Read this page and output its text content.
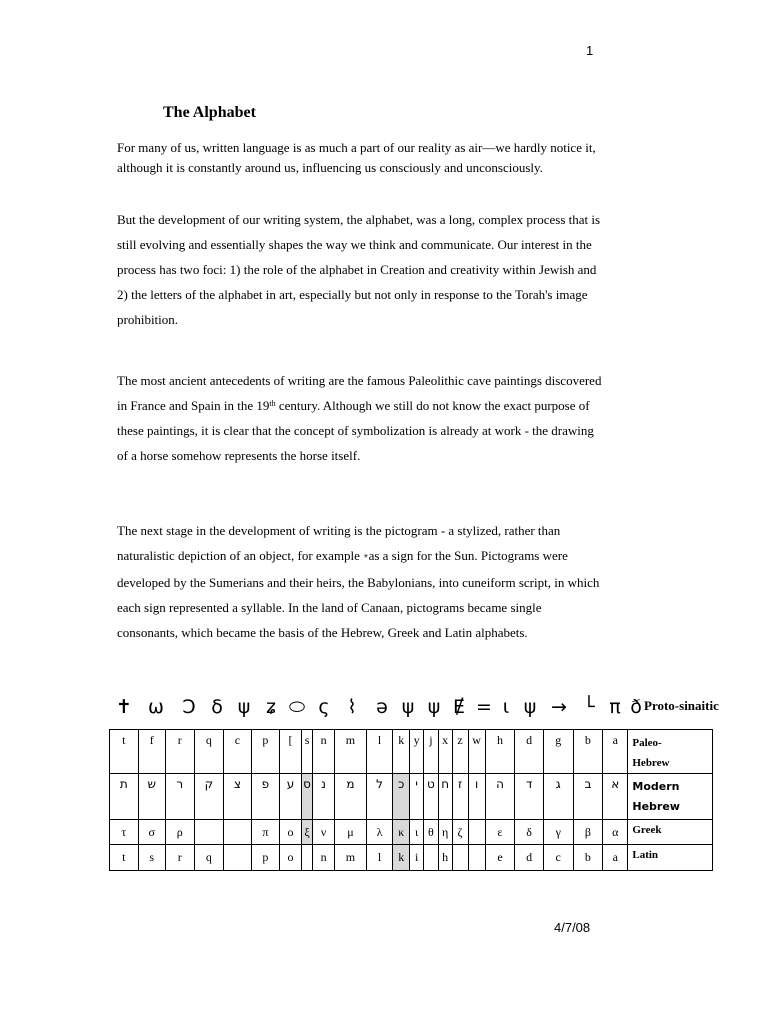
1
The Alphabet

For many of us, written language is as much a part of our reality as air—we hardly notice it, although it is constantly around us, influencing us consciously and unconsciously.

But the development of our writing system, the alphabet, was a long, complex process that is still evolving and essentially shapes the way we think and communicate. Our interest in the process has two foci: 1) the role of the alphabet in Creation and creativity within Jewish and 2) the letters of the alphabet in art, especially but not only in response to the Torah's image prohibition.

The most ancient antecedents of writing are the famous Paleolithic cave paintings discovered in France and Spain in the 19th century. Although we still do not know the exact purpose of these paintings, it is clear that the concept of symbolization is already at work - the drawing of a horse somehow represents the horse itself.

The next stage in the development of writing is the pictogram - a stylized, rather than naturalistic depiction of an object, for example ☀as a sign for the Sun. Pictograms were developed by the Sumerians and their heirs, the Babylonians, into cuneiform script, in which each sign represented a syllable. In the land of Canaan, pictograms became single consonants, which became the basis of the Hebrew, Greek and Latin alphabets.

✝ ω Ɔ δ ψ ʑ ⬭ ς ⌇	ə ψ ψ Ɇ = ι ψ → └ π ð Proto-sinaitic
t	f	r	q	c	p	[	s	n	m	l	k	y	j	x	z	w	h	d	g	b	a	Paleo-
Hebrew
ת	ש	ר	ק	צ	פ	ע	ס	נ	מ	ל	כ	י	ט	ח	ז	ו	ה	ד	ג	ב	א	Modern
Hebrew
τ	σ	ρ			π	ο	ξ	ν	μ	λ	κ	ι	θ	η	ζ		ε	δ	γ	β	α	Greek
t	s	r	q		p	o		n	m	l	k	i		h			e	d	c	b	a	Latin
4/7/08
